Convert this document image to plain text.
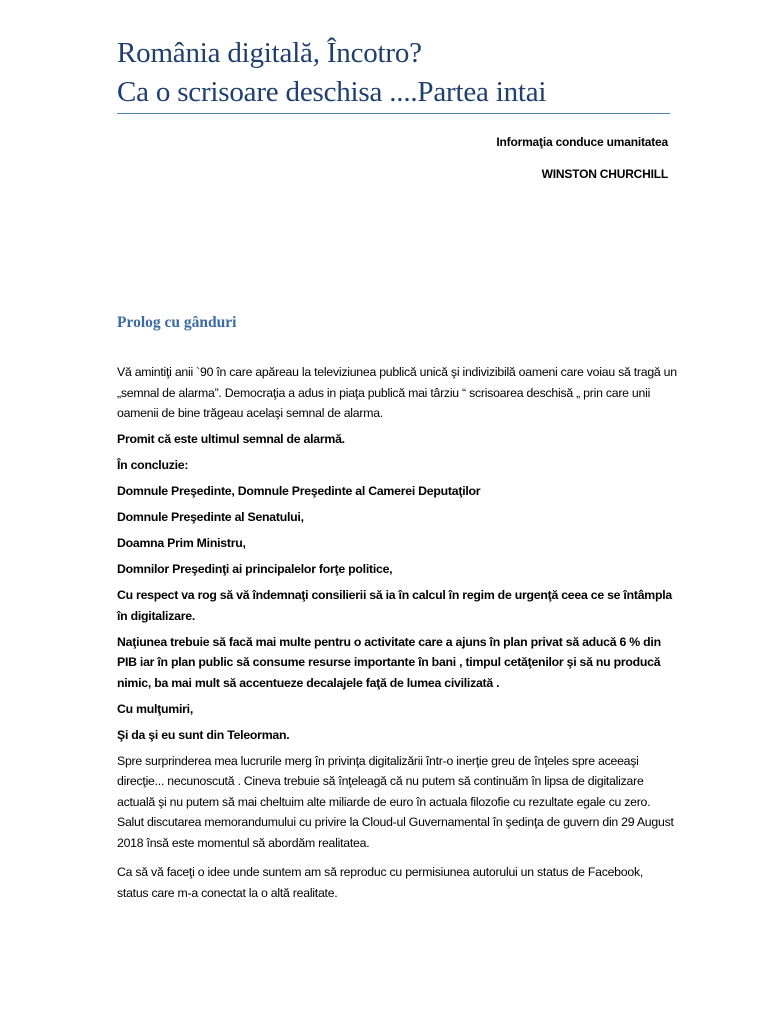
România digitală, Încotro?
Ca o scrisoare deschisa ....Partea intai
Informaţia conduce umanitatea
WINSTON CHURCHILL
Prolog cu gânduri

Vă amintiţi anii `90 în care apăreau la televiziunea publică unică şi indivizibilă oameni care voiau să tragă un „semnal de alarma”. Democraţia a adus in piaţa publică mai târziu “ scrisoarea deschisă „ prin care unii oamenii de bine trăgeau acelaşi semnal de alarma.

Promit că este ultimul semnal de alarmă.

În concluzie:

Domnule Preşedinte, Domnule Preşedinte al Camerei Deputaţilor

Domnule Preşedinte al Senatului,

Doamna Prim Ministru,

Domnilor Preşedinţi ai principalelor forţe politice,

Cu respect va rog să vă îndemnaţi consilierii să ia în calcul în regim de urgenţă ceea ce se întâmpla în digitalizare.

Naţiunea trebuie să facă mai multe pentru o activitate care a ajuns în plan privat să aducă 6 % din PIB iar în plan public să consume resurse importante în bani , timpul cetăţenilor şi să nu producă nimic, ba mai mult să accentueze decalajele faţă de lumea civilizată .

Cu mulţumiri,

Şi da şi eu sunt din Teleorman.

Spre surprinderea mea lucrurile merg în privinţa digitalizării într-o inerţie greu de înţeles spre aceeaşi direcţie... necunoscută . Cineva trebuie să înţeleagă că nu putem să continuăm în lipsa de digitalizare actuală şi nu putem să mai cheltuim alte miliarde de euro în actuala filozofie cu rezultate egale cu zero. Salut discutarea memorandumului cu privire la Cloud-ul Guvernamental în şedinţa de guvern din 29 August 2018 însă este momentul să abordăm realitatea.

Ca să vă faceţi o idee unde suntem am să reproduc cu permisiunea autorului un status de Facebook, status care m-a conectat la o altă realitate.
